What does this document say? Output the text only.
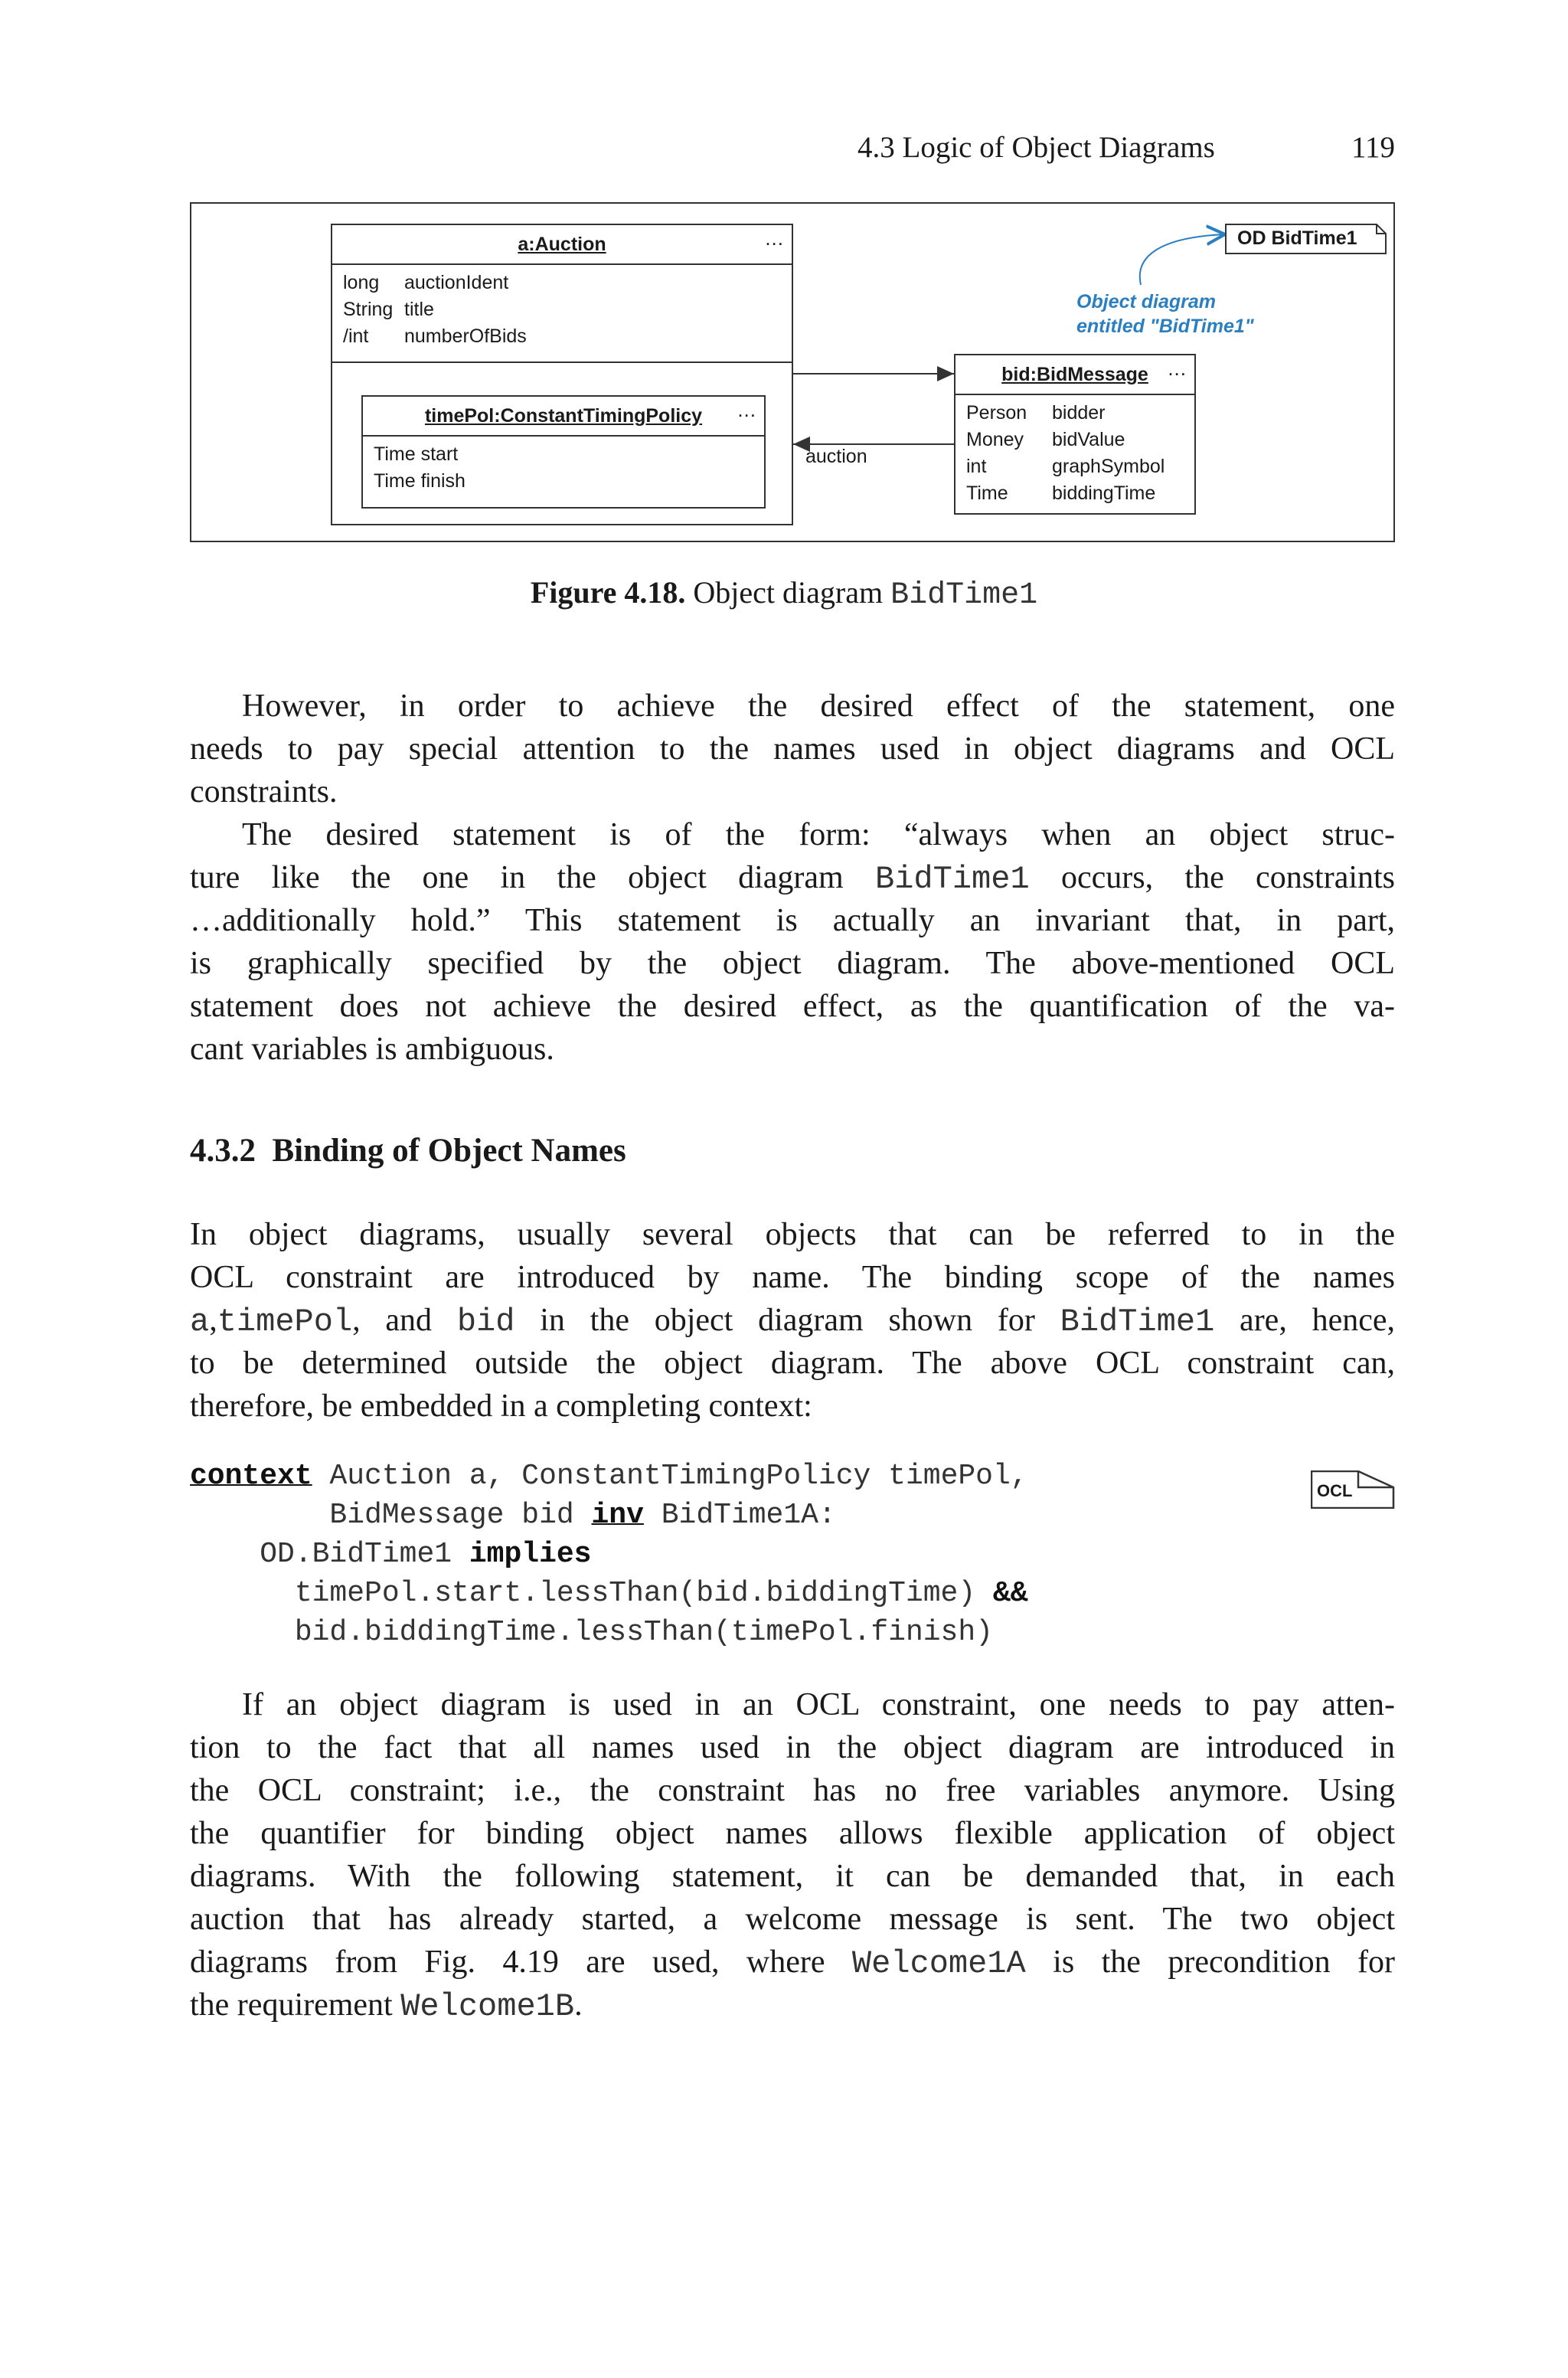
4.3 Logic of Object Diagrams	119
a:Auction	...
long	auctionIdent
String title
/int	numberOfBids
timePol:ConstantTimingPolicy	...
Time
start
Time
finish
auction
bid:BidMessage ...
Person	bidder
Money	bidValue
int	graphSymbol
Time	biddingTime
OD BidTime1
Object diagram
entitled "BidTime1"
Figure 4.18. Object diagram BidTime1
However, in order to achieve the desired effect of the statement, one
needs to pay special attention to the names used in object diagrams and OCL
constraints.
The desired statement is of the form: “always when an object struc-
ture like the one in the object diagram BidTime1 occurs, the constraints
…additionally hold.” This statement is actually an invariant that, in part,
is graphically specified by the object diagram. The above-mentioned OCL
statement does not achieve the desired effect, as the quantification of the va-
cant variables is ambiguous.
4.3.2 Binding of Object Names
In object diagrams, usually several objects that can be referred to in the
OCL constraint are introduced by name. The binding scope of the names
a,timePol, and bid in the object diagram shown for BidTime1 are, hence,
to be determined outside the object diagram. The above OCL constraint can,
therefore, be embedded in a completing context:
context Auction a, ConstantTimingPolicy timePol,
BidMessage bid inv BidTime1A:
OD.BidTime1 implies
timePol.start.lessThan(bid.biddingTime) &&
bid.biddingTime.lessThan(timePol.finish)
OCL
If an object diagram is used in an OCL constraint, one needs to pay atten-
tion to the fact that all names used in the object diagram are introduced in
the OCL constraint; i.e., the constraint has no free variables anymore. Using
the quantifier for binding object names allows flexible application of object
diagrams. With the following statement, it can be demanded that, in each
auction that has already started, a welcome message is sent. The two object
diagrams from Fig. 4.19 are used, where Welcome1A is the precondition for
the requirement Welcome1B.
